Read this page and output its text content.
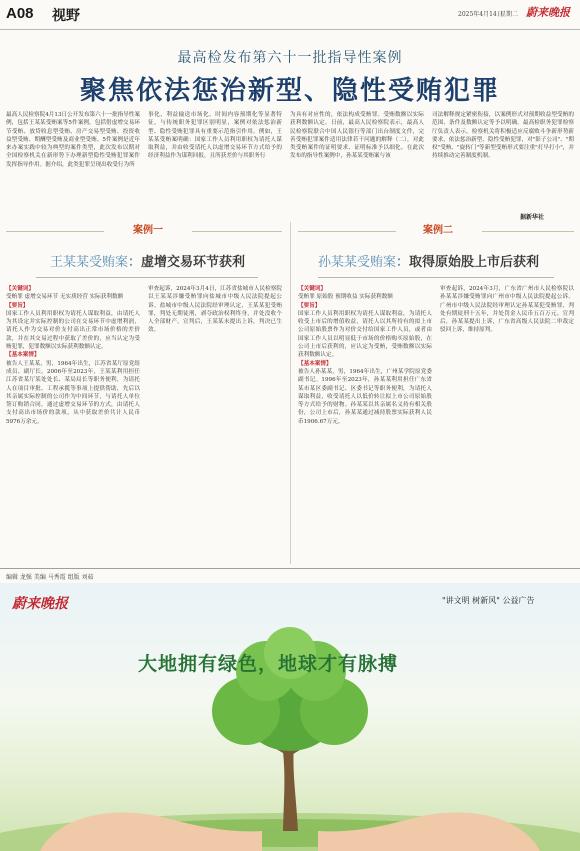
A08 视野	2025年4月14日
星期二 蔚来晚报
最高检发布第六十一批指导性案例
聚焦依法惩治新型、隐性受贿犯罪
最高人民检察院4月13日公开发布第六十一批指导性案例，包括王某某受贿案等5件案例，包括借虚增交易环节受贿、放贷收息型受贿、房产交易型受贿、投资收益型受贿、期酬型受贿及商业型受贿。5件案例是近年来办案实践中较为典型的案件类型，此次发布以期对全国检察机关在新形势下办理新型隐性受贿犯罪案件发挥指导作用。据介绍，此类犯罪呈现出收受行为所
事化，利益输送市场化，时间内容预期化等显著特征，与传统职务犯罪区别明显，案例对依法惩治新型、隐性受贿犯罪具有重要示范指引作用。例如，王某某受贿案明确：国家工作人员利用职权为请托人谋取利益，并由收受请托人以虚增交易环节方式给予的经济利益作为谋利回报，且所获差价与其职务行
为具有对应性的，依法构成受贿罪。受贿数额以实际获利数额认定。日前，最高人民检察院表示，最高人民检察院联合中国人民银行等部门出台制度文件，完善受贿犯罪案件适用法律若干问题的解释（二），对此类受贿案件的证明要求、证明标准予以细化。在此次发布的指导性案例中，孙某某受贿案与该
司法解释规定紧密衔接，以案例形式对预期收益型受贿的范围、条件及数额认定等予以明确。最高检职务犯罪检察厅负责人表示，检察机关将积极适应反腐败斗争新形势新要求，依法惩治新型、隐性受贿犯罪，对"影子公司"、"期权"受贿、"旋转门"等新型受贿形式要注重"打早打小"，并持续推动完善制度机制。
据新华社
案例一
王某某受贿案：虚增交易环节获利
案例二
孙某某受贿案：取得原始股上市后获利
【关键词】
受贿罪 虚增交易环节 无实质经营 实际获利数额
【要旨】
国家工作人员利用职权为请托人谋取利益，由请托人为其设定并实际控制的公司在交易环节中虚增利润，请托人作为交易对价支付高出正常市场价格的差价款，并在其交易过程中获取了差价的，应当认定为受贿犯罪，犯罪数额以实际获利数额认定。
【基本案情】
被告人王某某，男，1964年出生，江苏省某厅原党组成员、副厅长。2006年至2023年，王某某利用担任江苏省某厅某处处长、某局局长等职务便利，为请托人在项目审批、工程承揽等事项上提供帮助，先后以其亲属实际控制的公司作为中间环节，与请托人单位签订购销合同，通过虚增交易环节的方式，由请托人支付高出市场价的款项，从中获取差价共计人民币5976万余元。
审查起诉，2024年3月4日，江苏省盐城市人民检察院以王某某涉嫌受贿罪向盐城市中级人民法院提起公诉。盐城市中级人民法院经审理认定，王某某犯受贿罪，判处无期徒刑，剥夺政治权利终身，并处没收个人全部财产。宣判后，王某某未提出上诉，判决已生效。
【关键词】
受贿罪 原始股 预期收益 实际获利数额
【要旨】
国家工作人员利用职权为请托人谋取利益，为请托人收受上市后的增值收益，请托人以其所持有的拟上市公司原始股票作为对价交付给国家工作人员，或者由国家工作人员以明显低于市场的价格购买原始股，在公司上市后获利的，应认定为受贿，受贿数额以实际获利数额认定。
【基本案情】
被告人孙某某，男，1964年出生，广州某学院原党委副书记。1996年至2023年，孙某某利用担任广东省某市某区委副书记、区委书记等职务便利，为请托人谋取利益，收受请托人以低价转让拟上市公司原始股等方式给予的财物。孙某某以其亲属名义持有相关股份，公司上市后，孙某某通过减持股票实际获利人民币1906.67万元。
审查起诉，2024年3月，广东省广州市人民检察院以孙某某涉嫌受贿罪向广州市中级人民法院提起公诉。广州市中级人民法院经审理认定孙某某犯受贿罪，判处有期徒刑十五年，并处罚金人民币五百万元。宣判后，孙某某提出上诉，广东省高级人民法院二审裁定驳回上诉，维持原判。
编辑 龙强 美编 马秀霞 组版 刘茹
蔚来晚报	"讲文明 树新风" 公益广告
大地拥有绿色，地球才有脉搏
